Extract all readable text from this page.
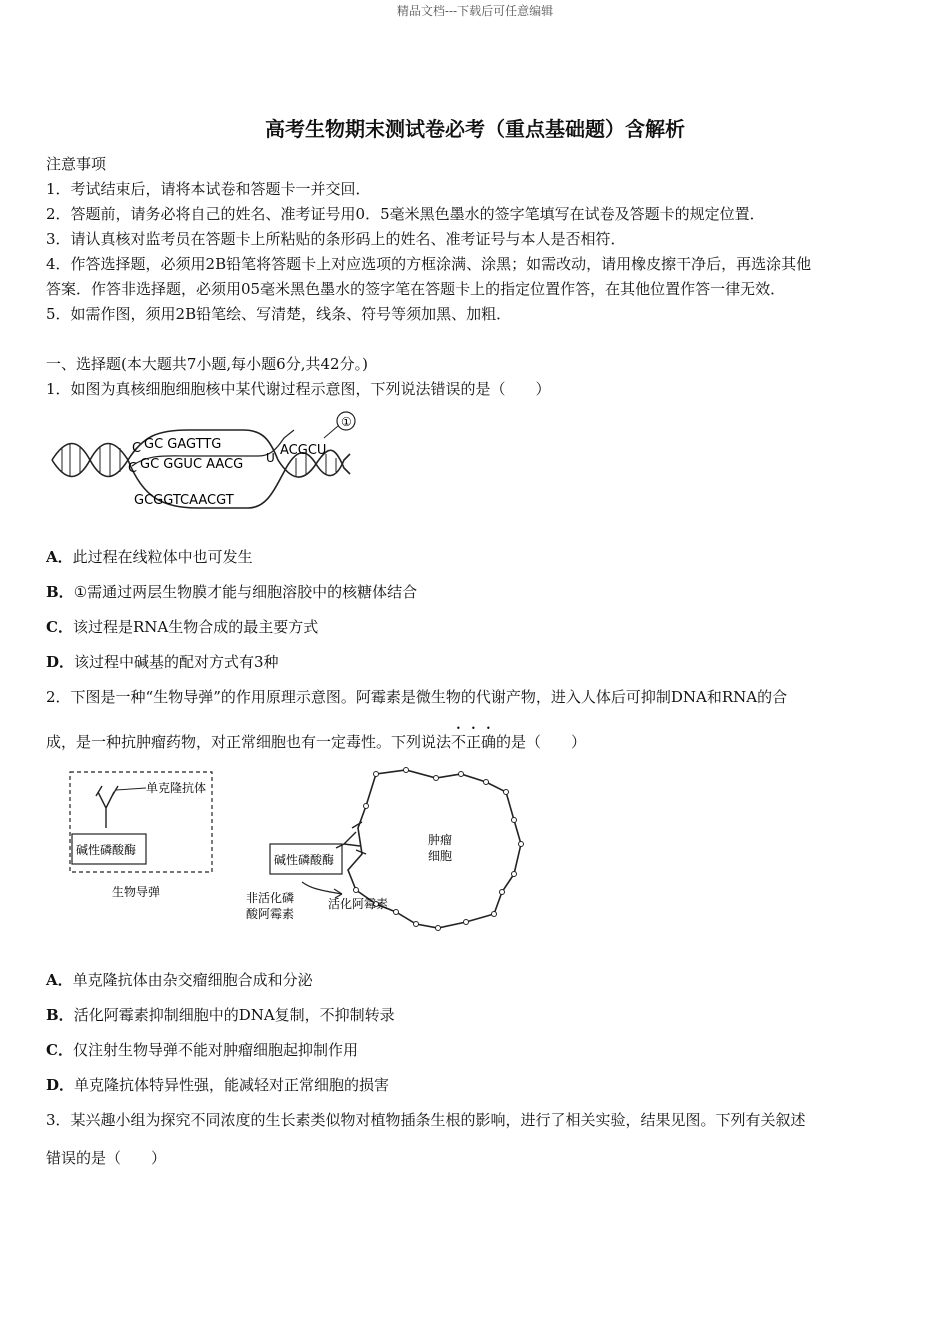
精品文档---下载后可任意编辑
高考生物期末测试卷必考（重点基础题）含解析
注意事项
1．考试结束后，请将本试卷和答题卡一并交回．
2．答题前，请务必将自己的姓名、准考证号用0．5毫米黑色墨水的签字笔填写在试卷及答题卡的规定位置．
3．请认真核对监考员在答题卡上所粘贴的条形码上的姓名、准考证号与本人是否相符．
4．作答选择题，必须用2B铅笔将答题卡上对应选项的方框涂满、涂黑；如需改动，请用橡皮擦干净后，再选涂其他
答案．作答非选择题，必须用05毫米黑色墨水的签字笔在答题卡上的指定位置作答，在其他位置作答一律无效．
5．如需作图，须用2B铅笔绘、写清楚，线条、符号等须加黑、加粗．
一、选择题(本大题共7小题,每小题6分,共42分。)
1．如图为真核细胞细胞核中某代谢过程示意图，下列说法错误的是（　　）
①
C GC GAGTTG
C GC GGUC AACG U ACGCU
GCGGTCAACGT
A．此过程在线粒体中也可发生
B．①需通过两层生物膜才能与细胞溶胶中的核糖体结合
C．该过程是RNA生物合成的最主要方式
D．该过程中碱基的配对方式有3种
2．下图是一种“生物导弹”的作用原理示意图。阿霉素是微生物的代谢产物，进入人体后可抑制DNA和RNA的合
成，是一种抗肿瘤药物，对正常细胞也有一定毒性。下列说法不正确的是（　　）
单克隆抗体
碱性磷酸酶
生物导弹
肿瘤
细胞
碱性磷酸酶
非活化磷
酸阿霉素
活化阿霉素
A．单克隆抗体由杂交瘤细胞合成和分泌
B．活化阿霉素抑制细胞中的DNA复制，不抑制转录
C．仅注射生物导弹不能对肿瘤细胞起抑制作用
D．单克隆抗体特异性强，能减轻对正常细胞的损害
3．某兴趣小组为探究不同浓度的生长素类似物对植物插条生根的影响，进行了相关实验，结果见图。下列有关叙述
错误的是（　　）
